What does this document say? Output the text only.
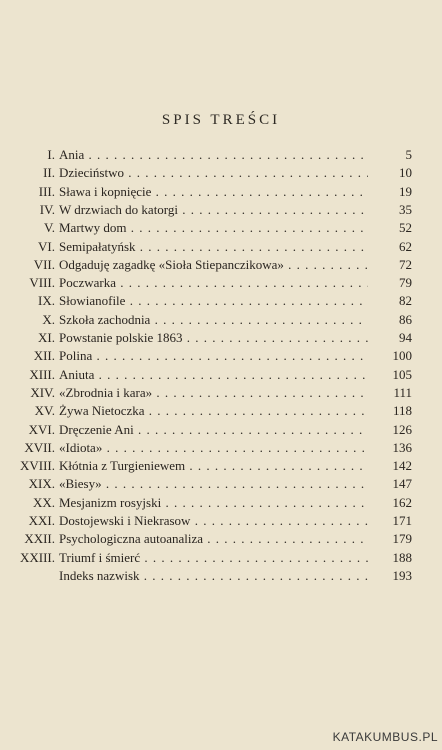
SPIS TREŚCI
I. Ania . . .	5
II. Dzieciństwo . . .	10
III. Sława i kopnięcie . . .	19
IV. W drzwiach do katorgi . . .	35
V. Martwy dom . . .	52
VI. Semipałatyńsk . . .	62
VII. Odgaduję zagadkę «Sioła Stiepanczikowa» . . .	72
VIII. Poczwarka . . .	79
IX. Słowianofile . . .	82
X. Szkoła zachodnia . . .	86
XI. Powstanie polskie 1863 . . .	94
XII. Polina . . .	100
XIII. Aniuta . . .	105
XIV. «Zbrodnia i kara» . . .	111
XV. Żywa Nietoczka . . .	118
XVI. Dręczenie Ani . . .	126
XVII. «Idiota» . . .	136
XVIII. Kłótnia z Turgieniewem . . .	142
XIX. «Biesy» . . .	147
XX. Mesjanizm rosyjski . . .	162
XXI. Dostojewski i Niekrasow . . .	171
XXII. Psychologiczna autoanaliza . . .	179
XXIII. Triumf i śmierć . . .	188
Indeks nazwisk . . .	193
KATAKUMBUS.PL
